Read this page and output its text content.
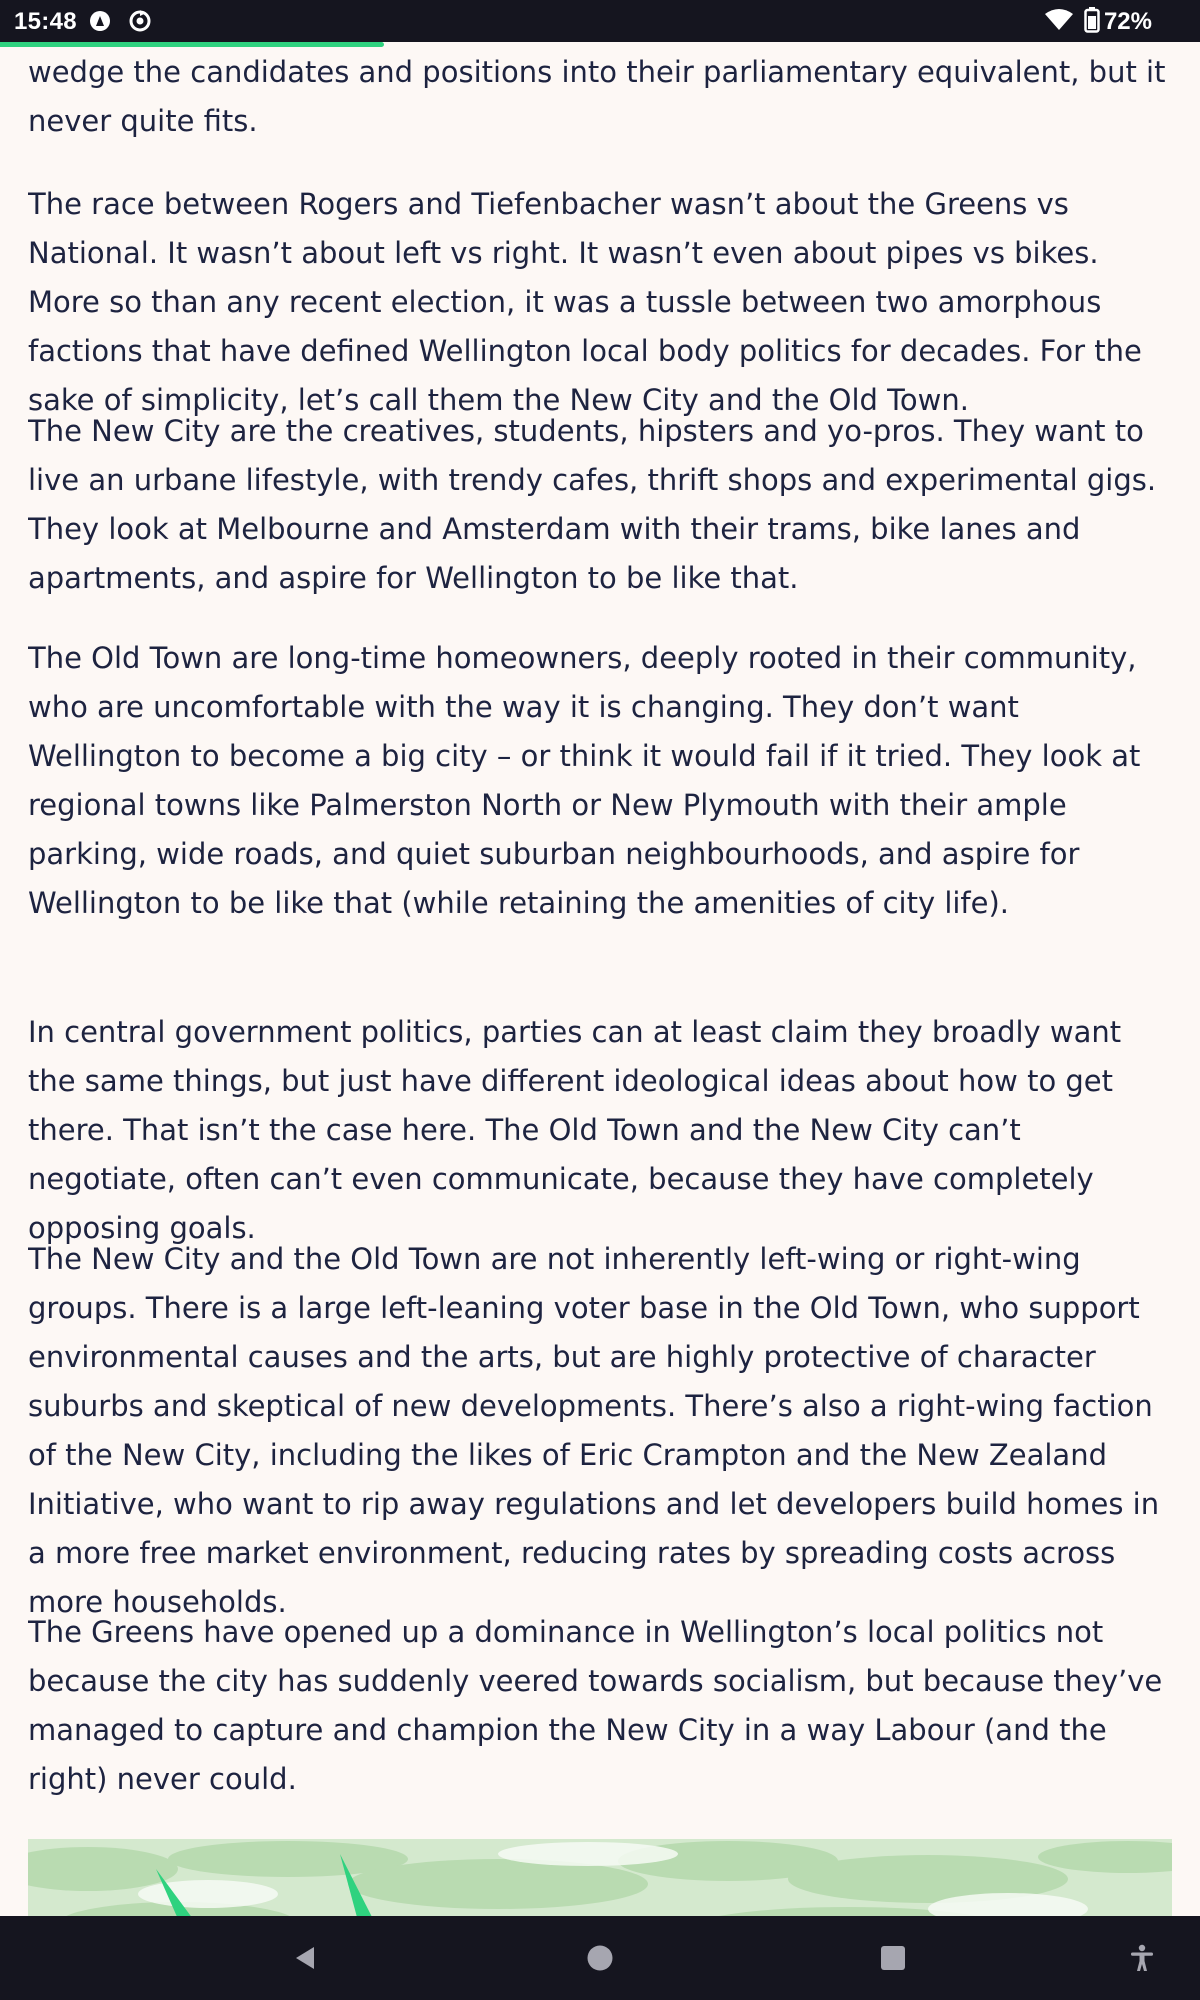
15:48	72%

wedge the candidates and positions into their parliamentary equivalent, but it never quite fits.

The race between Rogers and Tiefenbacher wasn’t about the Greens vs National. It wasn’t about left vs right. It wasn’t even about pipes vs bikes. More so than any recent election, it was a tussle between two amorphous factions that have defined Wellington local body politics for decades. For the sake of simplicity, let’s call them the New City and the Old Town.

The New City are the creatives, students, hipsters and yo-pros. They want to live an urbane lifestyle, with trendy cafes, thrift shops and experimental gigs. They look at Melbourne and Amsterdam with their trams, bike lanes and apartments, and aspire for Wellington to be like that.

The Old Town are long-time homeowners, deeply rooted in their community, who are uncomfortable with the way it is changing. They don’t want Wellington to become a big city – or think it would fail if it tried. They look at regional towns like Palmerston North or New Plymouth with their ample parking, wide roads, and quiet suburban neighbourhoods, and aspire for Wellington to be like that (while retaining the amenities of city life).

In central government politics, parties can at least claim they broadly want the same things, but just have different ideological ideas about how to get there. That isn’t the case here. The Old Town and the New City can’t negotiate, often can’t even communicate, because they have completely opposing goals.

The New City and the Old Town are not inherently left-wing or right-wing groups. There is a large left-leaning voter base in the Old Town, who support environmental causes and the arts, but are highly protective of character suburbs and skeptical of new developments. There’s also a right-wing faction of the New City, including the likes of Eric Crampton and the New Zealand Initiative, who want to rip away regulations and let developers build homes in a more free market environment, reducing rates by spreading costs across more households.

The Greens have opened up a dominance in Wellington’s local politics not because the city has suddenly veered towards socialism, but because they’ve managed to capture and champion the New City in a way Labour (and the right) never could.
